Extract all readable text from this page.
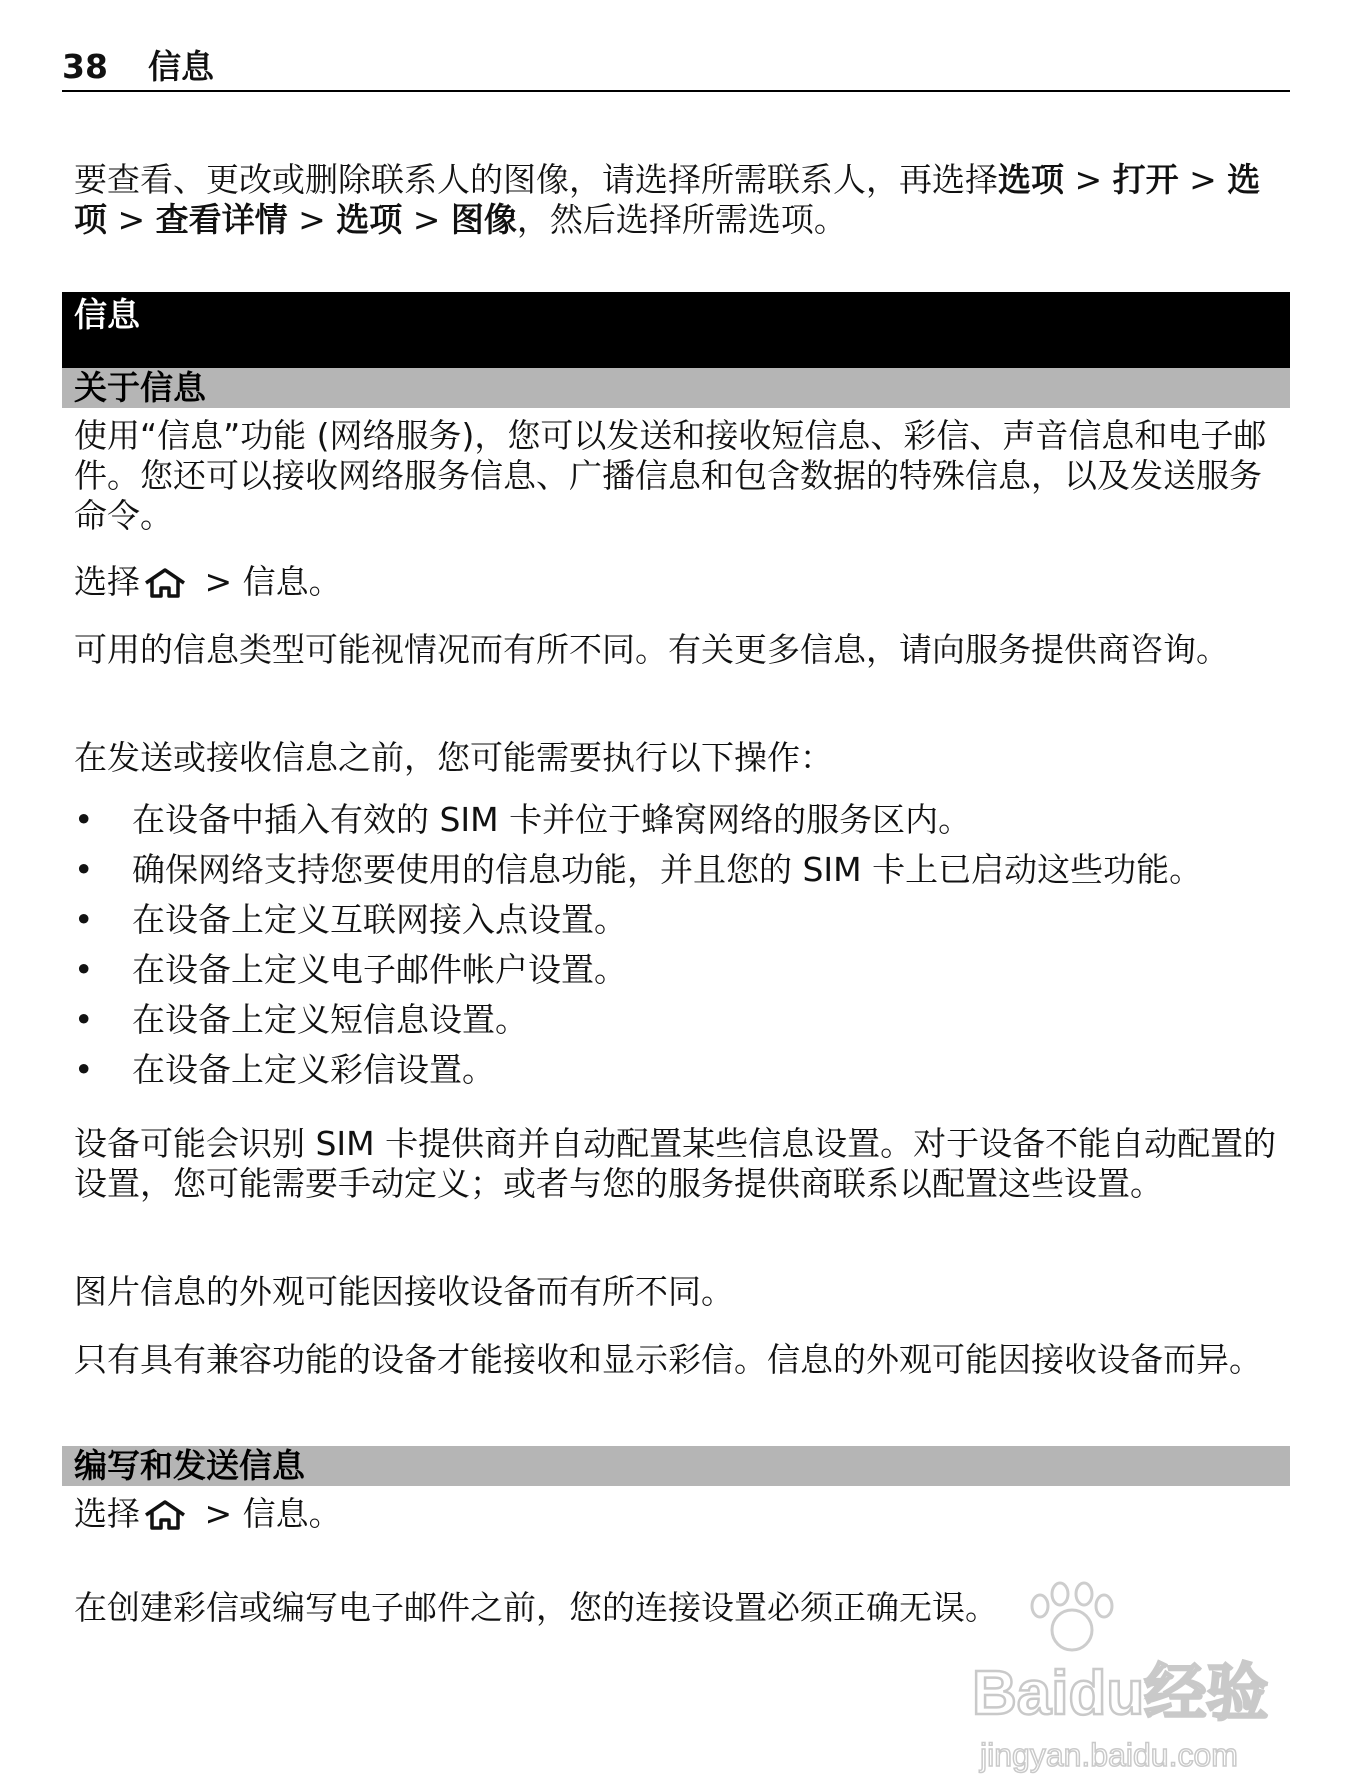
38 信息

要查看、更改或删除联系人的图像，请选择所需联系人，再选择选项 > 打开 > 选项 > 查看详情 > 选项 > 图像，然后选择所需选项。

信息
关于信息

使用“信息”功能 (网络服务)，您可以发送和接收短信息、彩信、声音信息和电子邮件。您还可以接收网络服务信息、广播信息和包含数据的特殊信息，以及发送服务命令。

选择 > 信息。

可用的信息类型可能视情况而有所不同。有关更多信息，请向服务提供商咨询。

在发送或接收信息之前，您可能需要执行以下操作：

• 在设备中插入有效的 SIM 卡并位于蜂窝网络的服务区内。
• 确保网络支持您要使用的信息功能，并且您的 SIM 卡上已启动这些功能。
• 在设备上定义互联网接入点设置。
• 在设备上定义电子邮件帐户设置。
• 在设备上定义短信息设置。
• 在设备上定义彩信设置。

设备可能会识别 SIM 卡提供商并自动配置某些信息设置。对于设备不能自动配置的设置，您可能需要手动定义；或者与您的服务提供商联系以配置这些设置。

图片信息的外观可能因接收设备而有所不同。

只有具有兼容功能的设备才能接收和显示彩信。信息的外观可能因接收设备而异。

编写和发送信息

选择 > 信息。

在创建彩信或编写电子邮件之前，您的连接设置必须正确无误。

Baidu经验
jingyan.baidu.com
